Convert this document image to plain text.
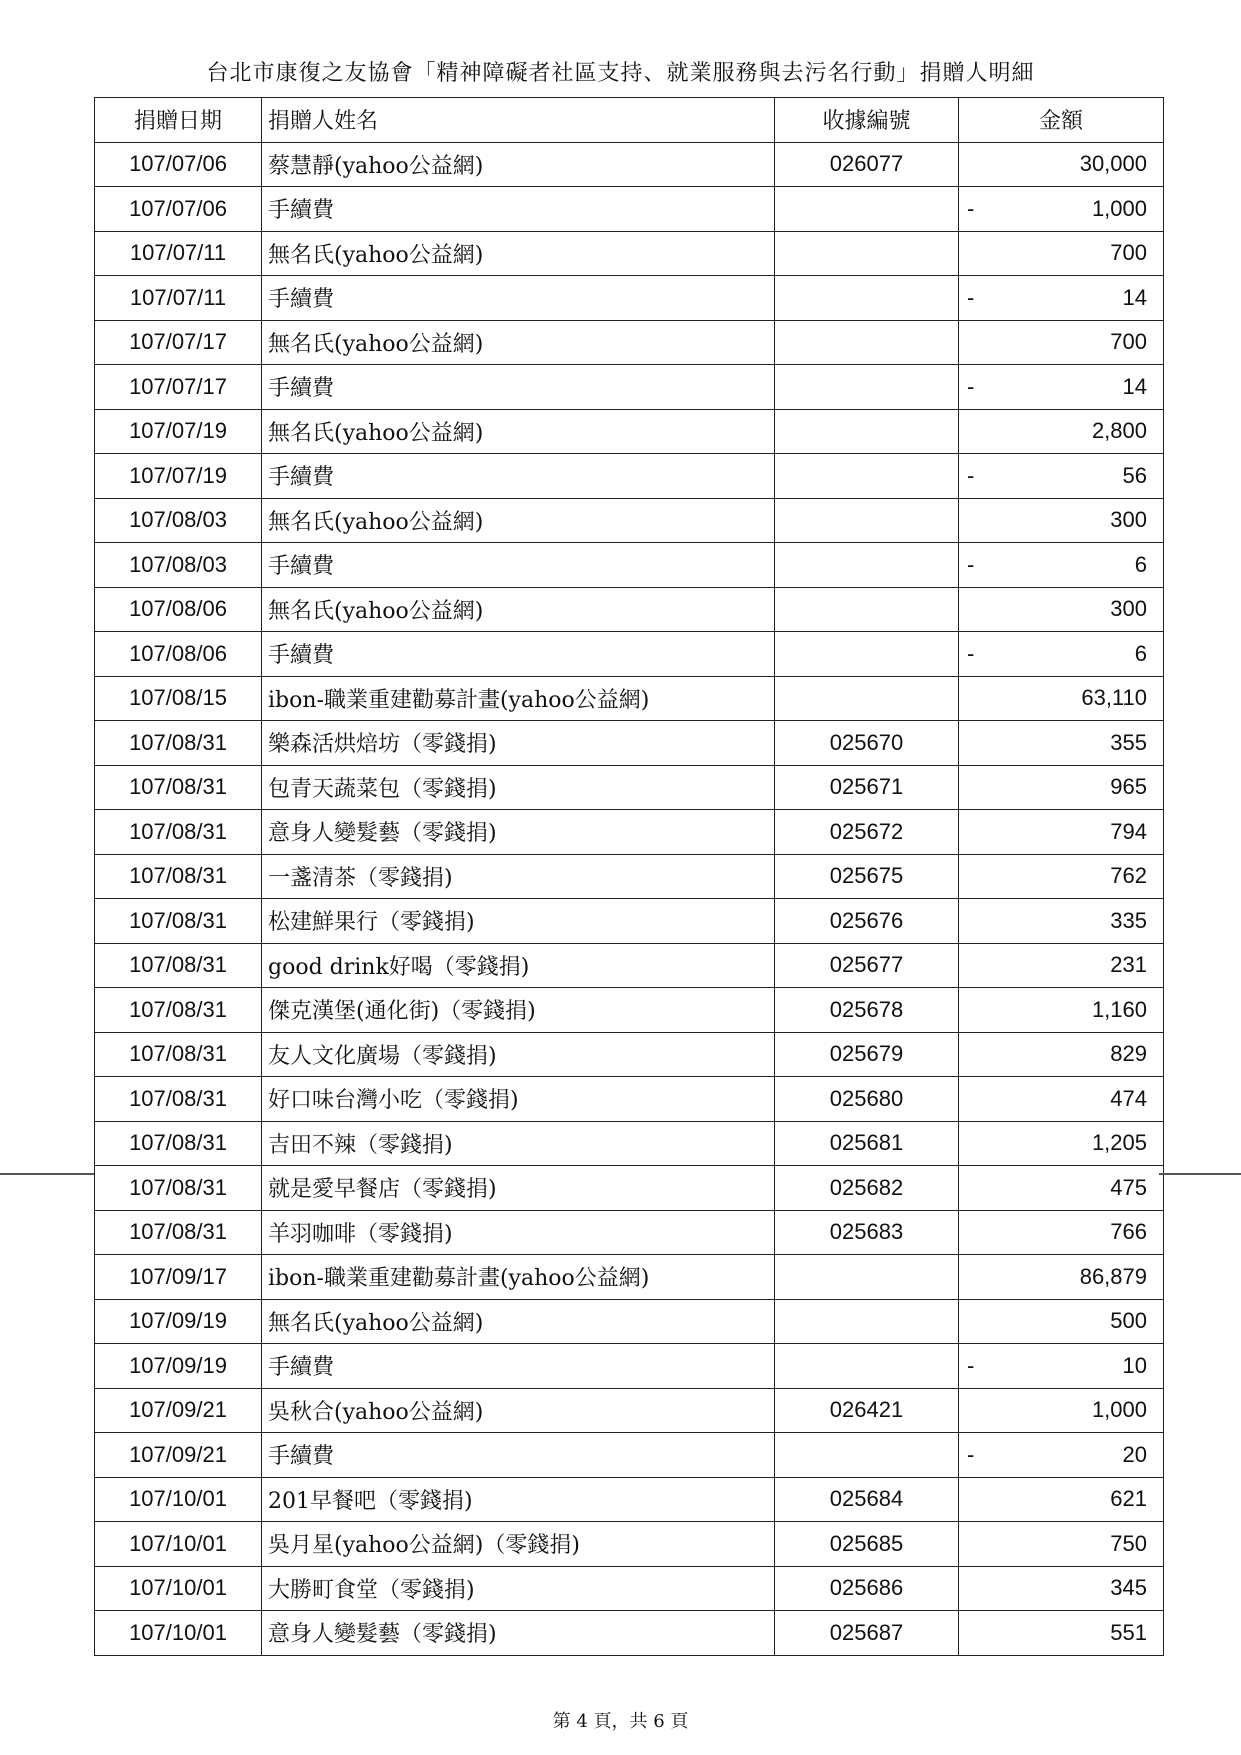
台北市康復之友協會「精神障礙者社區支持、就業服務與去污名行動」捐贈人明細
捐贈日期	捐贈人姓名	收據編號	金額
107/07/06	蔡慧靜(yahoo公益網)	026077	30,000

107/07/06	手續費		- 1,000

107/07/11	無名氏(yahoo公益網)		700

107/07/11	手續費		- 14

107/07/17	無名氏(yahoo公益網)		700

107/07/17	手續費		- 14

107/07/19	無名氏(yahoo公益網)		2,800

107/07/19	手續費		- 56

107/08/03	無名氏(yahoo公益網)		300

107/08/03	手續費		- 6

107/08/06	無名氏(yahoo公益網)		300

107/08/06	手續費		- 6

107/08/15	ibon-職業重建勸募計畫(yahoo公益網)		63,110

107/08/31	樂森活烘焙坊（零錢捐)	025670	355

107/08/31	包青天蔬菜包（零錢捐)	025671	965

107/08/31	意身人變髮藝（零錢捐)	025672	794

107/08/31	一盞清茶（零錢捐)	025675	762

107/08/31	松建鮮果行（零錢捐)	025676	335

107/08/31	good drink好喝（零錢捐)	025677	231

107/08/31	傑克漢堡(通化街)（零錢捐)	025678	1,160

107/08/31	友人文化廣場（零錢捐)	025679	829

107/08/31	好口味台灣小吃（零錢捐)	025680	474

107/08/31	吉田不辣（零錢捐)	025681	1,205

107/08/31	就是愛早餐店（零錢捐)	025682	475

107/08/31	羊羽咖啡（零錢捐)	025683	766

107/09/17	ibon-職業重建勸募計畫(yahoo公益網)		86,879

107/09/19	無名氏(yahoo公益網)		500

107/09/19	手續費		- 10

107/09/21	吳秋合(yahoo公益網)	026421	1,000

107/09/21	手續費		- 20

107/10/01	201早餐吧（零錢捐)	025684	621

107/10/01	吳月星(yahoo公益網)（零錢捐)	025685	750

107/10/01	大勝町食堂（零錢捐)	025686	345

107/10/01	意身人變髮藝（零錢捐)	025687	551
第 4 頁，共 6 頁
